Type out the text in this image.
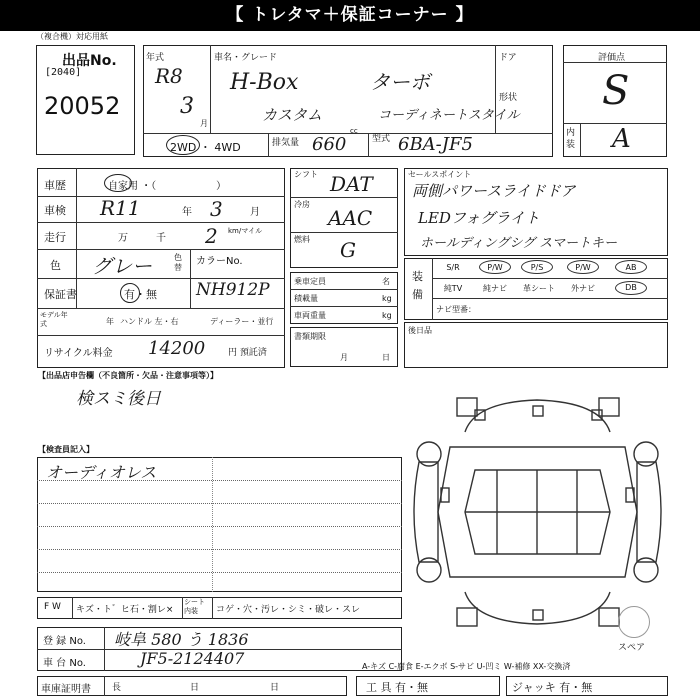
【 トレタマ＋保証コーナー 】
（複合機）対応用紙
出品No.
[2040]
20052
年式
R8
3
月
車名・グレード
H-Box	ターボ
カスタム	コーディネートスタイル
ドア
形状
2WD ・ 4WD	排気量 660
cc
型式 6BA-JF5
評価点
S
内装 A
車歴	自家用 ・（　　　　　　）
車検 R11	年 3	月
走行	万	千 2 km/マイル
色 グレー	色替
カラーNo.
NH912P
保証書	有・無
モデル年式	年 ハンドル 左・右	ディーラー・並行
リサイクル料金 14200	円 預託済
シフト DAT
冷房
AAC
燃料 G
乗車定員	名
積載量	kg
車両重量	kg
書類期限
月	日
セールスポイント
両側パワースライドドア
LEDフォグライト
ホールディングシグ スマートキー
装備
S/R	P/W	P/S	P/W	AB
純TV	純ナビ	革シート	外ナビ	DB
ナビ型番：
後日品
【出品店申告欄（不良箇所・欠品・注意事項等）】
検スミ後日
【検査員記入】
オーディオレス
F W キズ・ト゛ヒ石・割レ×
シート内装	コゲ・穴・汚レ・シミ・破レ・スレ
登 録 No. 岐阜 580 う 1836
車 台 No.	JF5-2124407
車庫証明書 長	日	日	工 具 有・無	ジャッキ 有・無
スペア
A-キズ C-腐食 E-エクボ S-サビ U-凹ミ W-補修 XX-交換済
